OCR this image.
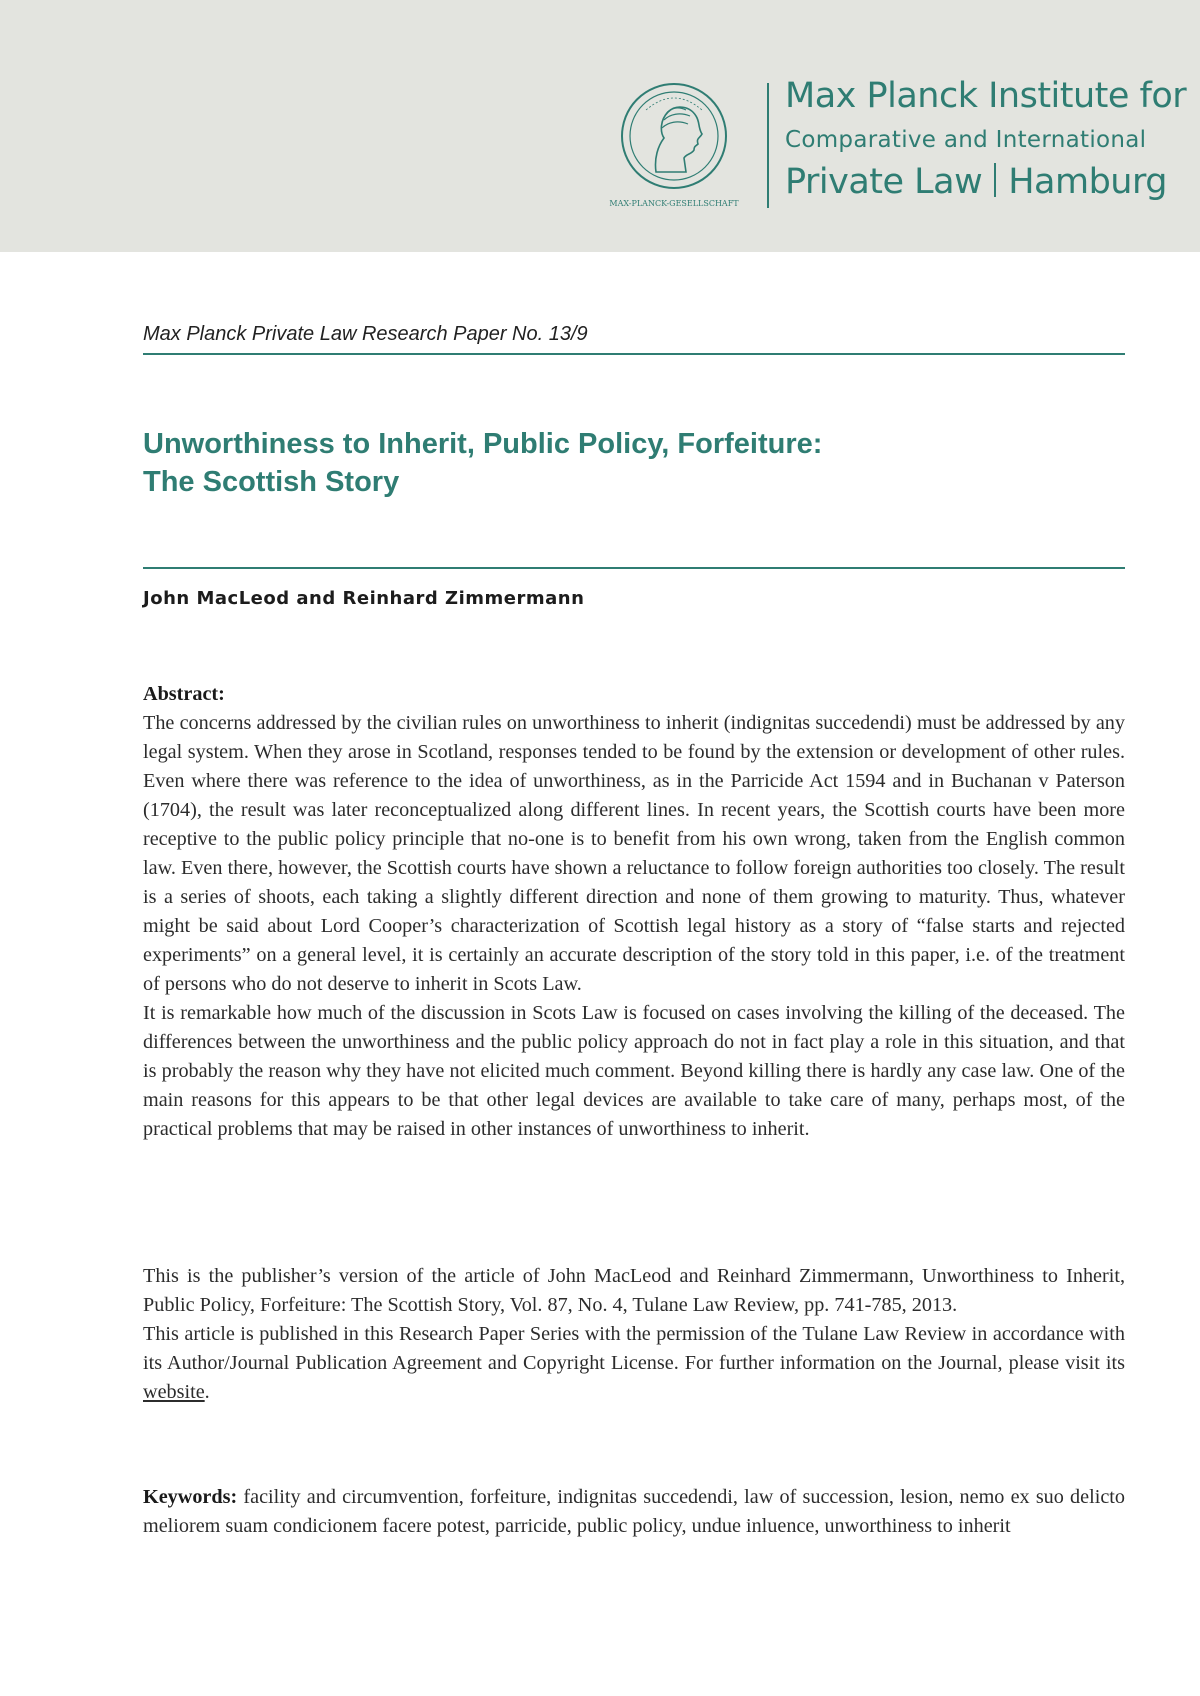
MAX-PLANCK-GESELLSCHAFT
Max Planck Institute for
Comparative and International
Private Law Hamburg
Max Planck Private Law Research Paper No. 13/9
Unworthiness to Inherit, Public Policy, Forfeiture:
The Scottish Story
John MacLeod and Reinhard Zimmermann

Abstract:

The concerns addressed by the civilian rules on unworthiness to inherit (indignitas succedendi) must be addressed by any legal system. When they arose in Scotland, responses tended to be found by the extension or development of other rules. Even where there was reference to the idea of unworthiness, as in the Parricide Act 1594 and in Buchanan v Paterson (1704), the result was later reconceptualized along different lines. In recent years, the Scottish courts have been more receptive to the public policy principle that no-one is to benefit from his own wrong, taken from the English common law. Even there, however, the Scottish courts have shown a reluctance to follow foreign authorities too closely. The result is a series of shoots, each taking a slightly different direction and none of them growing to maturity. Thus, whatever might be said about Lord Cooper’s characterization of Scottish legal history as a story of “false starts and rejected experiments” on a general level, it is certainly an accurate description of the story told in this paper, i.e. of the treatment of persons who do not deserve to inherit in Scots Law.

It is remarkable how much of the discussion in Scots Law is focused on cases involving the killing of the deceased. The differences between the unworthiness and the public policy approach do not in fact play a role in this situation, and that is probably the reason why they have not elicited much comment. Beyond killing there is hardly any case law. One of the main reasons for this appears to be that other legal devices are available to take care of many, perhaps most, of the practical problems that may be raised in other instances of unworthiness to inherit.

This is the publisher’s version of the article of John MacLeod and Reinhard Zimmermann, Unworthiness to Inherit, Public Policy, Forfeiture: The Scottish Story, Vol. 87, No. 4, Tulane Law Review, pp. 741-785, 2013.

This article is published in this Research Paper Series with the permission of the Tulane Law Review in accordance with its Author/Journal Publication Agreement and Copyright License. For further information on the Journal, please visit its website.

Keywords: facility and circumvention, forfeiture, indignitas succedendi, law of succession, lesion, nemo ex suo delicto meliorem suam condicionem facere potest, parricide, public policy, undue inluence, unworthiness to inherit
